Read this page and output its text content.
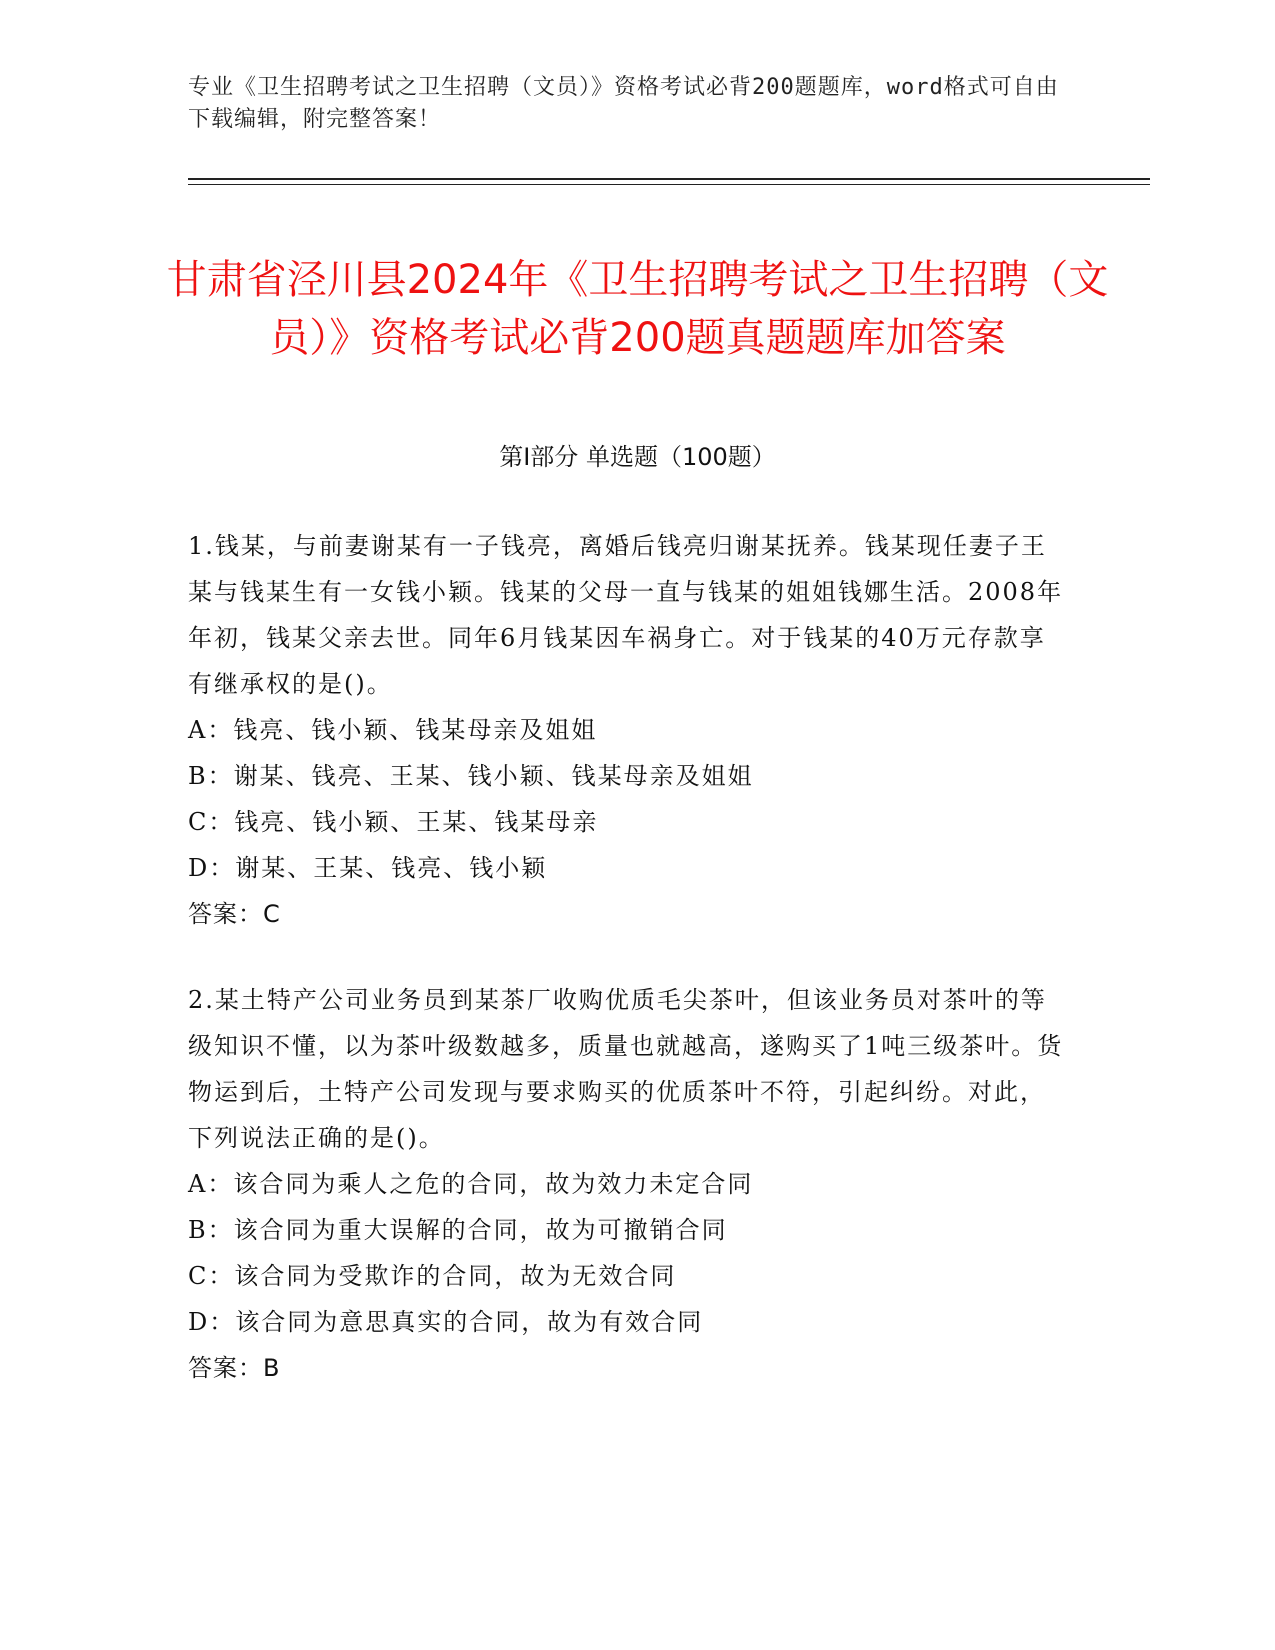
专业《卫生招聘考试之卫生招聘（文员）》资格考试必背200题题库，word格式可自由下载编辑，附完整答案！
甘肃省泾川县2024年《卫生招聘考试之卫生招聘（文员）》资格考试必背200题真题题库加答案
第Ⅰ部分 单选题（100题）
1.钱某，与前妻谢某有一子钱亮，离婚后钱亮归谢某抚养。钱某现任妻子王某与钱某生有一女钱小颖。钱某的父母一直与钱某的姐姐钱娜生活。2008年年初，钱某父亲去世。同年6月钱某因车祸身亡。对于钱某的40万元存款享有继承权的是()。
A：钱亮、钱小颖、钱某母亲及姐姐
B：谢某、钱亮、王某、钱小颖、钱某母亲及姐姐
C：钱亮、钱小颖、王某、钱某母亲
D：谢某、王某、钱亮、钱小颖
答案：C
2.某土特产公司业务员到某茶厂收购优质毛尖茶叶，但该业务员对茶叶的等级知识不懂，以为茶叶级数越多，质量也就越高，遂购买了1吨三级茶叶。货物运到后，土特产公司发现与要求购买的优质茶叶不符，引起纠纷。对此，下列说法正确的是()。
A：该合同为乘人之危的合同，故为效力未定合同
B：该合同为重大误解的合同，故为可撤销合同
C：该合同为受欺诈的合同，故为无效合同
D：该合同为意思真实的合同，故为有效合同
答案：B
